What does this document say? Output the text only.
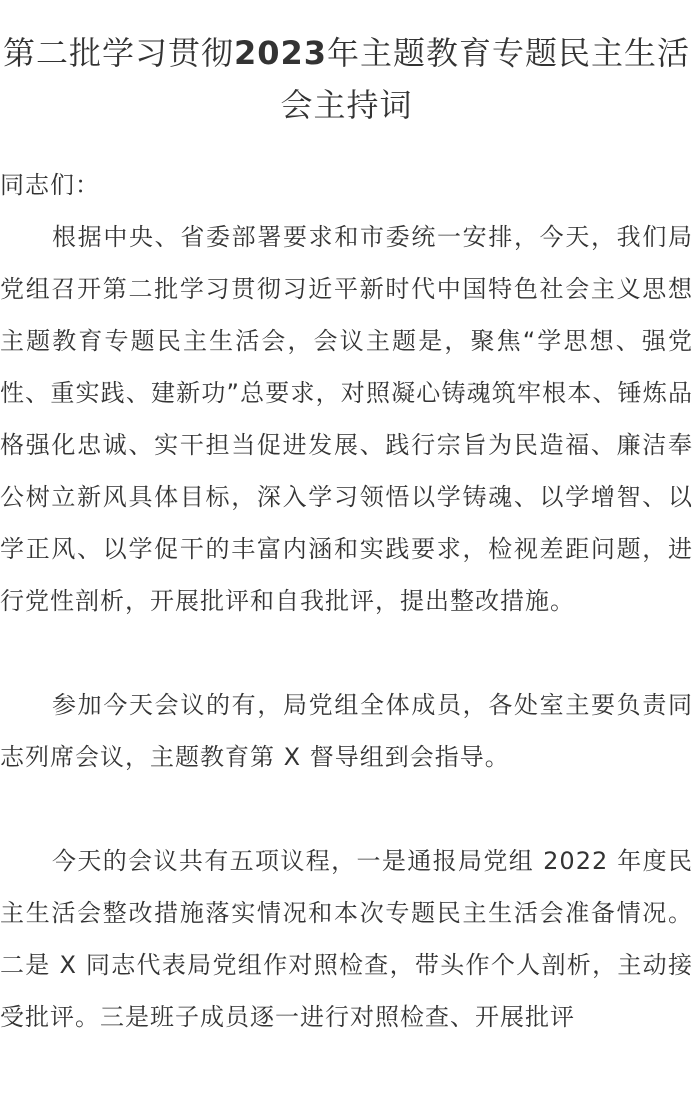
第二批学习贯彻2023年主题教育专题民主生活会主持词

同志们：

根据中央、省委部署要求和市委统一安排，今天，我们局党组召开第二批学习贯彻习近平新时代中国特色社会主义思想主题教育专题民主生活会，会议主题是，聚焦“学思想、强党性、重实践、建新功”总要求，对照凝心铸魂筑牢根本、锤炼品格强化忠诚、实干担当促进发展、践行宗旨为民造福、廉洁奉公树立新风具体目标，深入学习领悟以学铸魂、以学增智、以学正风、以学促干的丰富内涵和实践要求，检视差距问题，进行党性剖析，开展批评和自我批评，提出整改措施。

参加今天会议的有，局党组全体成员，各处室主要负责同志列席会议，主题教育第 X 督导组到会指导。

今天的会议共有五项议程，一是通报局党组 2022 年度民主生活会整改措施落实情况和本次专题民主生活会准备情况。二是 X 同志代表局党组作对照检查，带头作个人剖析，主动接受批评。三是班子成员逐一进行对照检查、开展批评
